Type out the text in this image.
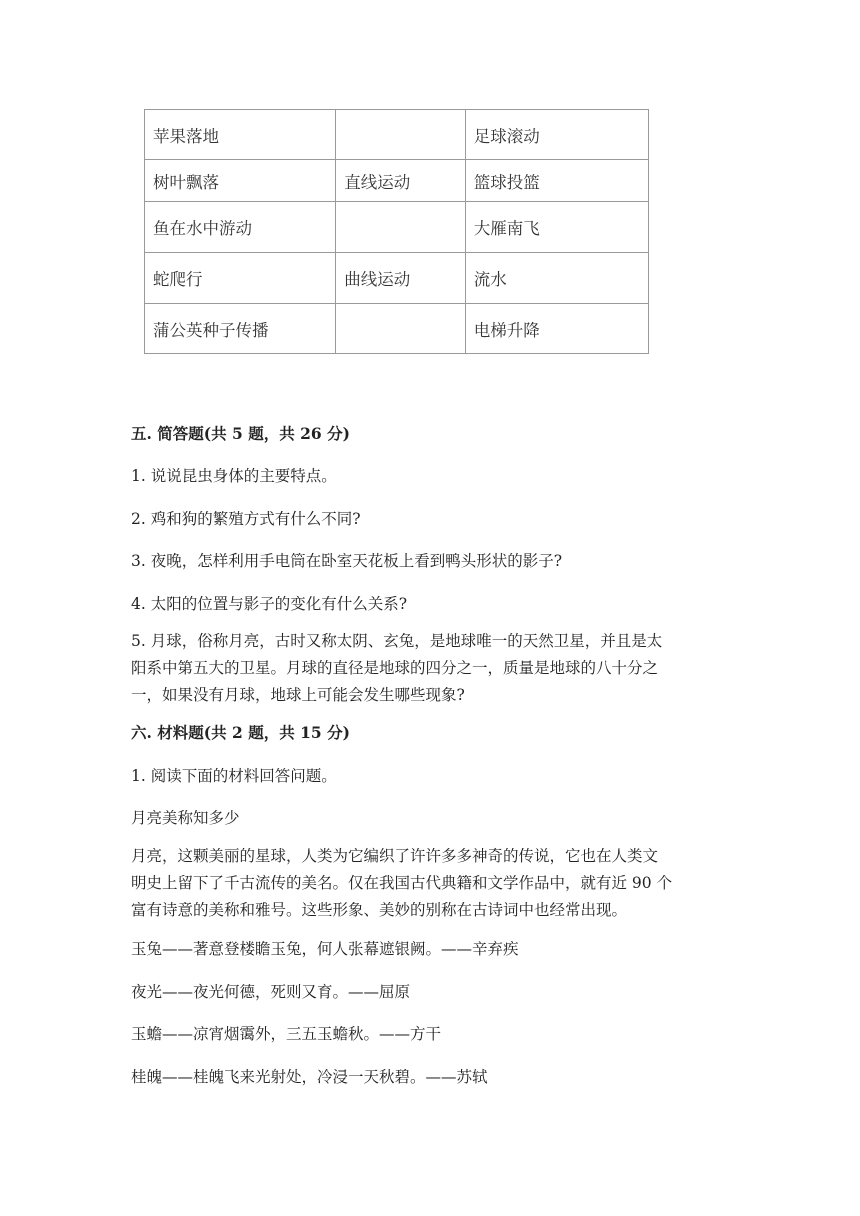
苹果落地		足球滚动
树叶飘落	直线运动	篮球投篮
鱼在水中游动		大雁南飞
蛇爬行	曲线运动	流水
蒲公英种子传播		电梯升降
五. 简答题(共 5 题，共 26 分)
1. 说说昆虫身体的主要特点。
2. 鸡和狗的繁殖方式有什么不同?
3. 夜晚，怎样利用手电筒在卧室天花板上看到鸭头形状的影子?
4. 太阳的位置与影子的变化有什么关系?
5. 月球，俗称月亮，古时又称太阴、玄兔，是地球唯一的天然卫星，并且是太
阳系中第五大的卫星。月球的直径是地球的四分之一，质量是地球的八十分之
一，如果没有月球，地球上可能会发生哪些现象?
六. 材料题(共 2 题，共 15 分)
1. 阅读下面的材料回答问题。
月亮美称知多少
月亮，这颗美丽的星球，人类为它编织了许许多多神奇的传说，它也在人类文
明史上留下了千古流传的美名。仅在我国古代典籍和文学作品中，就有近 90 个
富有诗意的美称和雅号。这些形象、美妙的别称在古诗词中也经常出现。
玉兔——著意登楼瞻玉兔，何人张幕遮银阙。——辛弃疾
夜光——夜光何德，死则又育。——屈原
玉蟾——凉宵烟霭外，三五玉蟾秋。——方干
桂魄——桂魄飞来光射处，冷浸一天秋碧。——苏轼
